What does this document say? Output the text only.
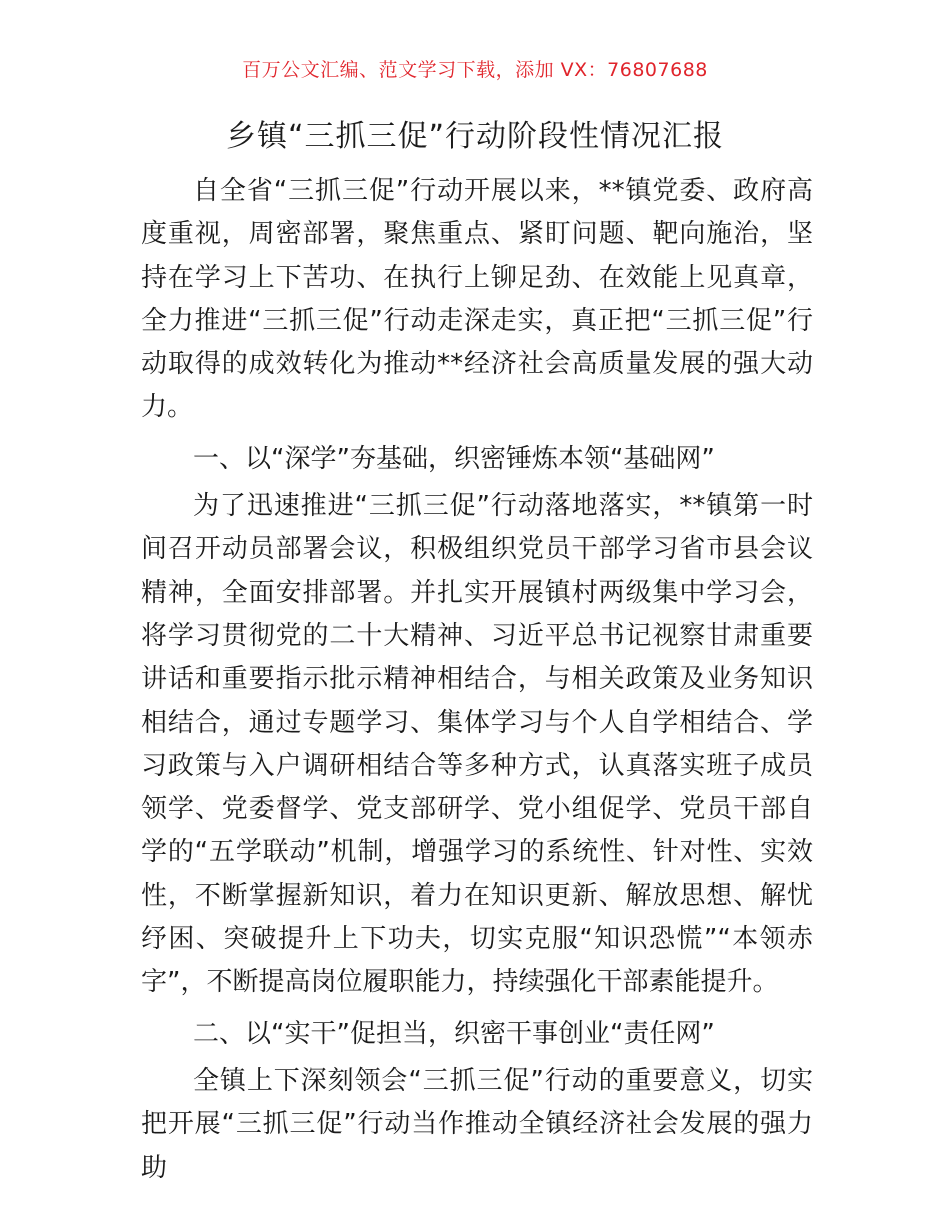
百万公文汇编、范文学习下载，添加 VX：76807688
乡镇“三抓三促”行动阶段性情况汇报

自全省“三抓三促”行动开展以来，**镇党委、政府高度重视，周密部署，聚焦重点、紧盯问题、靶向施治，坚持在学习上下苦功、在执行上铆足劲、在效能上见真章，全力推进“三抓三促”行动走深走实，真正把“三抓三促”行动取得的成效转化为推动**经济社会高质量发展的强大动力。

一、以“深学”夯基础，织密锤炼本领“基础网”

为了迅速推进“三抓三促”行动落地落实，**镇第一时间召开动员部署会议，积极组织党员干部学习省市县会议精神，全面安排部署。并扎实开展镇村两级集中学习会，将学习贯彻党的二十大精神、习近平总书记视察甘肃重要讲话和重要指示批示精神相结合，与相关政策及业务知识相结合，通过专题学习、集体学习与个人自学相结合、学习政策与入户调研相结合等多种方式，认真落实班子成员领学、党委督学、党支部研学、党小组促学、党员干部自学的“五学联动”机制，增强学习的系统性、针对性、实效性，不断掌握新知识，着力在知识更新、解放思想、解忧纾困、突破提升上下功夫，切实克服“知识恐慌”“本领赤字”，不断提高岗位履职能力，持续强化干部素能提升。

二、以“实干”促担当，织密干事创业“责任网”

全镇上下深刻领会“三抓三促”行动的重要意义，切实把开展“三抓三促”行动当作推动全镇经济社会发展的强力助
